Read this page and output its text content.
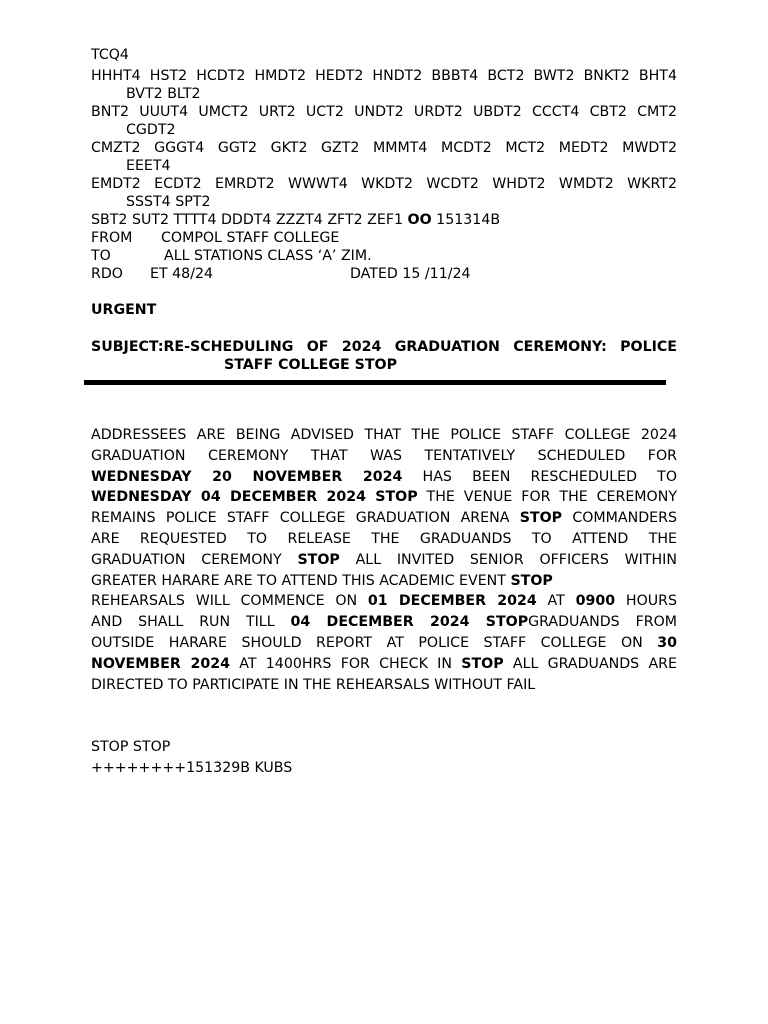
TCQ4
HHHT4 HST2 HCDT2 HMDT2 HEDT2 HNDT2 BBBT4 BCT2 BWT2 BNKT2 BHT4
BVT2 BLT2
BNT2 UUUT4 UMCT2 URT2 UCT2 UNDT2 URDT2 UBDT2 CCCT4 CBT2 CMT2
CGDT2
CMZT2 GGGT4 GGT2 GKT2 GZT2 MMMT4 MCDT2 MCT2 MEDT2 MWDT2
EEET4
EMDT2 ECDT2 EMRDT2 WWWT4 WKDT2 WCDT2 WHDT2 WMDT2 WKRT2
SSST4 SPT2
SBT2 SUT2 TTTT4 DDDT4 ZZZT4 ZFT2 ZEF1 OO 151314B
FROM COMPOL STAFF COLLEGE
TO	ALL STATIONS CLASS ‘A’ ZIM.
RDO ET 48/24	DATED 15 /11/24
URGENT
SUBJECT:RE-SCHEDULING OF 2024 GRADUATION CEREMONY: POLICE
STAFF COLLEGE STOP
ADDRESSEES ARE BEING ADVISED THAT THE POLICE STAFF COLLEGE 2024
GRADUATION CEREMONY THAT WAS TENTATIVELY SCHEDULED FOR
WEDNESDAY 20 NOVEMBER 2024 HAS BEEN RESCHEDULED TO
WEDNESDAY 04 DECEMBER 2024 STOP THE VENUE FOR THE CEREMONY
REMAINS POLICE STAFF COLLEGE GRADUATION ARENA STOP COMMANDERS
ARE REQUESTED TO RELEASE THE GRADUANDS TO ATTEND THE
GRADUATION CEREMONY STOP ALL INVITED SENIOR OFFICERS WITHIN
GREATER HARARE ARE TO ATTEND THIS ACADEMIC EVENT STOP
REHEARSALS WILL COMMENCE ON 01 DECEMBER 2024 AT 0900 HOURS
AND SHALL RUN TILL 04 DECEMBER 2024 STOPGRADUANDS FROM
OUTSIDE HARARE SHOULD REPORT AT POLICE STAFF COLLEGE ON 30
NOVEMBER 2024 AT 1400HRS FOR CHECK IN STOP ALL GRADUANDS ARE
DIRECTED TO PARTICIPATE IN THE REHEARSALS WITHOUT FAIL
STOP STOP
++++++++151329B KUBS
